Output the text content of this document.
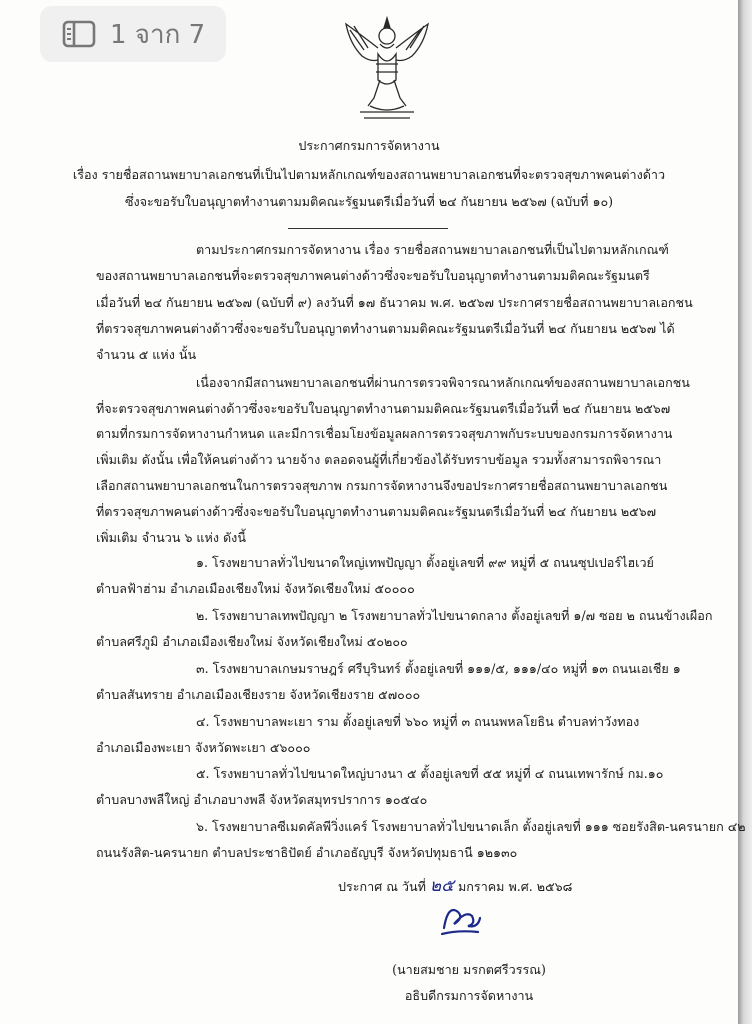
1 จาก 7
ประกาศกรมการจัดหางาน
เรื่อง รายชื่อสถานพยาบาลเอกชนที่เป็นไปตามหลักเกณฑ์ของสถานพยาบาลเอกชนที่จะตรวจสุขภาพคนต่างด้าว
ซึ่งจะขอรับใบอนุญาตทำงานตามมติคณะรัฐมนตรีเมื่อวันที่ ๒๔ กันยายน ๒๕๖๗ (ฉบับที่ ๑๐)
ตามประกาศกรมการจัดหางาน เรื่อง รายชื่อสถานพยาบาลเอกชนที่เป็นไปตามหลักเกณฑ์
ของสถานพยาบาลเอกชนที่จะตรวจสุขภาพคนต่างด้าวซึ่งจะขอรับใบอนุญาตทำงานตามมติคณะรัฐมนตรี
เมื่อวันที่ ๒๔ กันยายน ๒๕๖๗ (ฉบับที่ ๙) ลงวันที่ ๑๗ ธันวาคม พ.ศ. ๒๕๖๗ ประกาศรายชื่อสถานพยาบาลเอกชน
ที่ตรวจสุขภาพคนต่างด้าวซึ่งจะขอรับใบอนุญาตทำงานตามมติคณะรัฐมนตรีเมื่อวันที่ ๒๔ กันยายน ๒๕๖๗ ได้
จำนวน ๕ แห่ง นั้น
เนื่องจากมีสถานพยาบาลเอกชนที่ผ่านการตรวจพิจารณาหลักเกณฑ์ของสถานพยาบาลเอกชน
ที่จะตรวจสุขภาพคนต่างด้าวซึ่งจะขอรับใบอนุญาตทำงานตามมติคณะรัฐมนตรีเมื่อวันที่ ๒๔ กันยายน ๒๕๖๗
ตามที่กรมการจัดหางานกำหนด และมีการเชื่อมโยงข้อมูลผลการตรวจสุขภาพกับระบบของกรมการจัดหางาน
เพิ่มเติม ดังนั้น เพื่อให้คนต่างด้าว นายจ้าง ตลอดจนผู้ที่เกี่ยวข้องได้รับทราบข้อมูล รวมทั้งสามารถพิจารณา
เลือกสถานพยาบาลเอกชนในการตรวจสุขภาพ กรมการจัดหางานจึงขอประกาศรายชื่อสถานพยาบาลเอกชน
ที่ตรวจสุขภาพคนต่างด้าวซึ่งจะขอรับใบอนุญาตทำงานตามมติคณะรัฐมนตรีเมื่อวันที่ ๒๔ กันยายน ๒๕๖๗
เพิ่มเติม จำนวน ๖ แห่ง ดังนี้
๑. โรงพยาบาลทั่วไปขนาดใหญ่เทพปัญญา ตั้งอยู่เลขที่ ๙๙ หมู่ที่ ๕ ถนนซุปเปอร์ไฮเวย์
ตำบลฟ้าฮ่าม อำเภอเมืองเชียงใหม่ จังหวัดเชียงใหม่ ๕๐๐๐๐
๒. โรงพยาบาลเทพปัญญา ๒ โรงพยาบาลทั่วไปขนาดกลาง ตั้งอยู่เลขที่ ๑/๗ ซอย ๒ ถนนข้างเผือก
ตำบลศรีภูมิ อำเภอเมืองเชียงใหม่ จังหวัดเชียงใหม่ ๕๐๒๐๐
๓. โรงพยาบาลเกษมราษฎร์ ศรีบุรินทร์ ตั้งอยู่เลขที่ ๑๑๑/๕, ๑๑๑/๔๐ หมู่ที่ ๑๓ ถนนเอเชีย ๑
ตำบลสันทราย อำเภอเมืองเชียงราย จังหวัดเชียงราย ๕๗๐๐๐
๔. โรงพยาบาลพะเยา ราม ตั้งอยู่เลขที่ ๖๖๐ หมู่ที่ ๓ ถนนพหลโยธิน ตำบลท่าวังทอง
อำเภอเมืองพะเยา จังหวัดพะเยา ๕๖๐๐๐
๕. โรงพยาบาลทั่วไปขนาดใหญ่บางนา ๕ ตั้งอยู่เลขที่ ๕๕ หมู่ที่ ๔ ถนนเทพารักษ์ กม.๑๐
ตำบลบางพลีใหญ่ อำเภอบางพลี จังหวัดสมุทรปราการ ๑๐๕๔๐
๖. โรงพยาบาลซีเมดคัลพีวิ่งแคร์ โรงพยาบาลทั่วไปขนาดเล็ก ตั้งอยู่เลขที่ ๑๑๑ ซอยรังสิต-นครนายก ๔๒
ถนนรังสิต-นครนายก ตำบลประชาธิปัตย์ อำเภอธัญบุรี จังหวัดปทุมธานี ๑๒๑๓๐
ประกาศ ณ วันที่ ๒๕ มกราคม พ.ศ. ๒๕๖๘
(นายสมชาย มรกตศรีวรรณ)
อธิบดีกรมการจัดหางาน
